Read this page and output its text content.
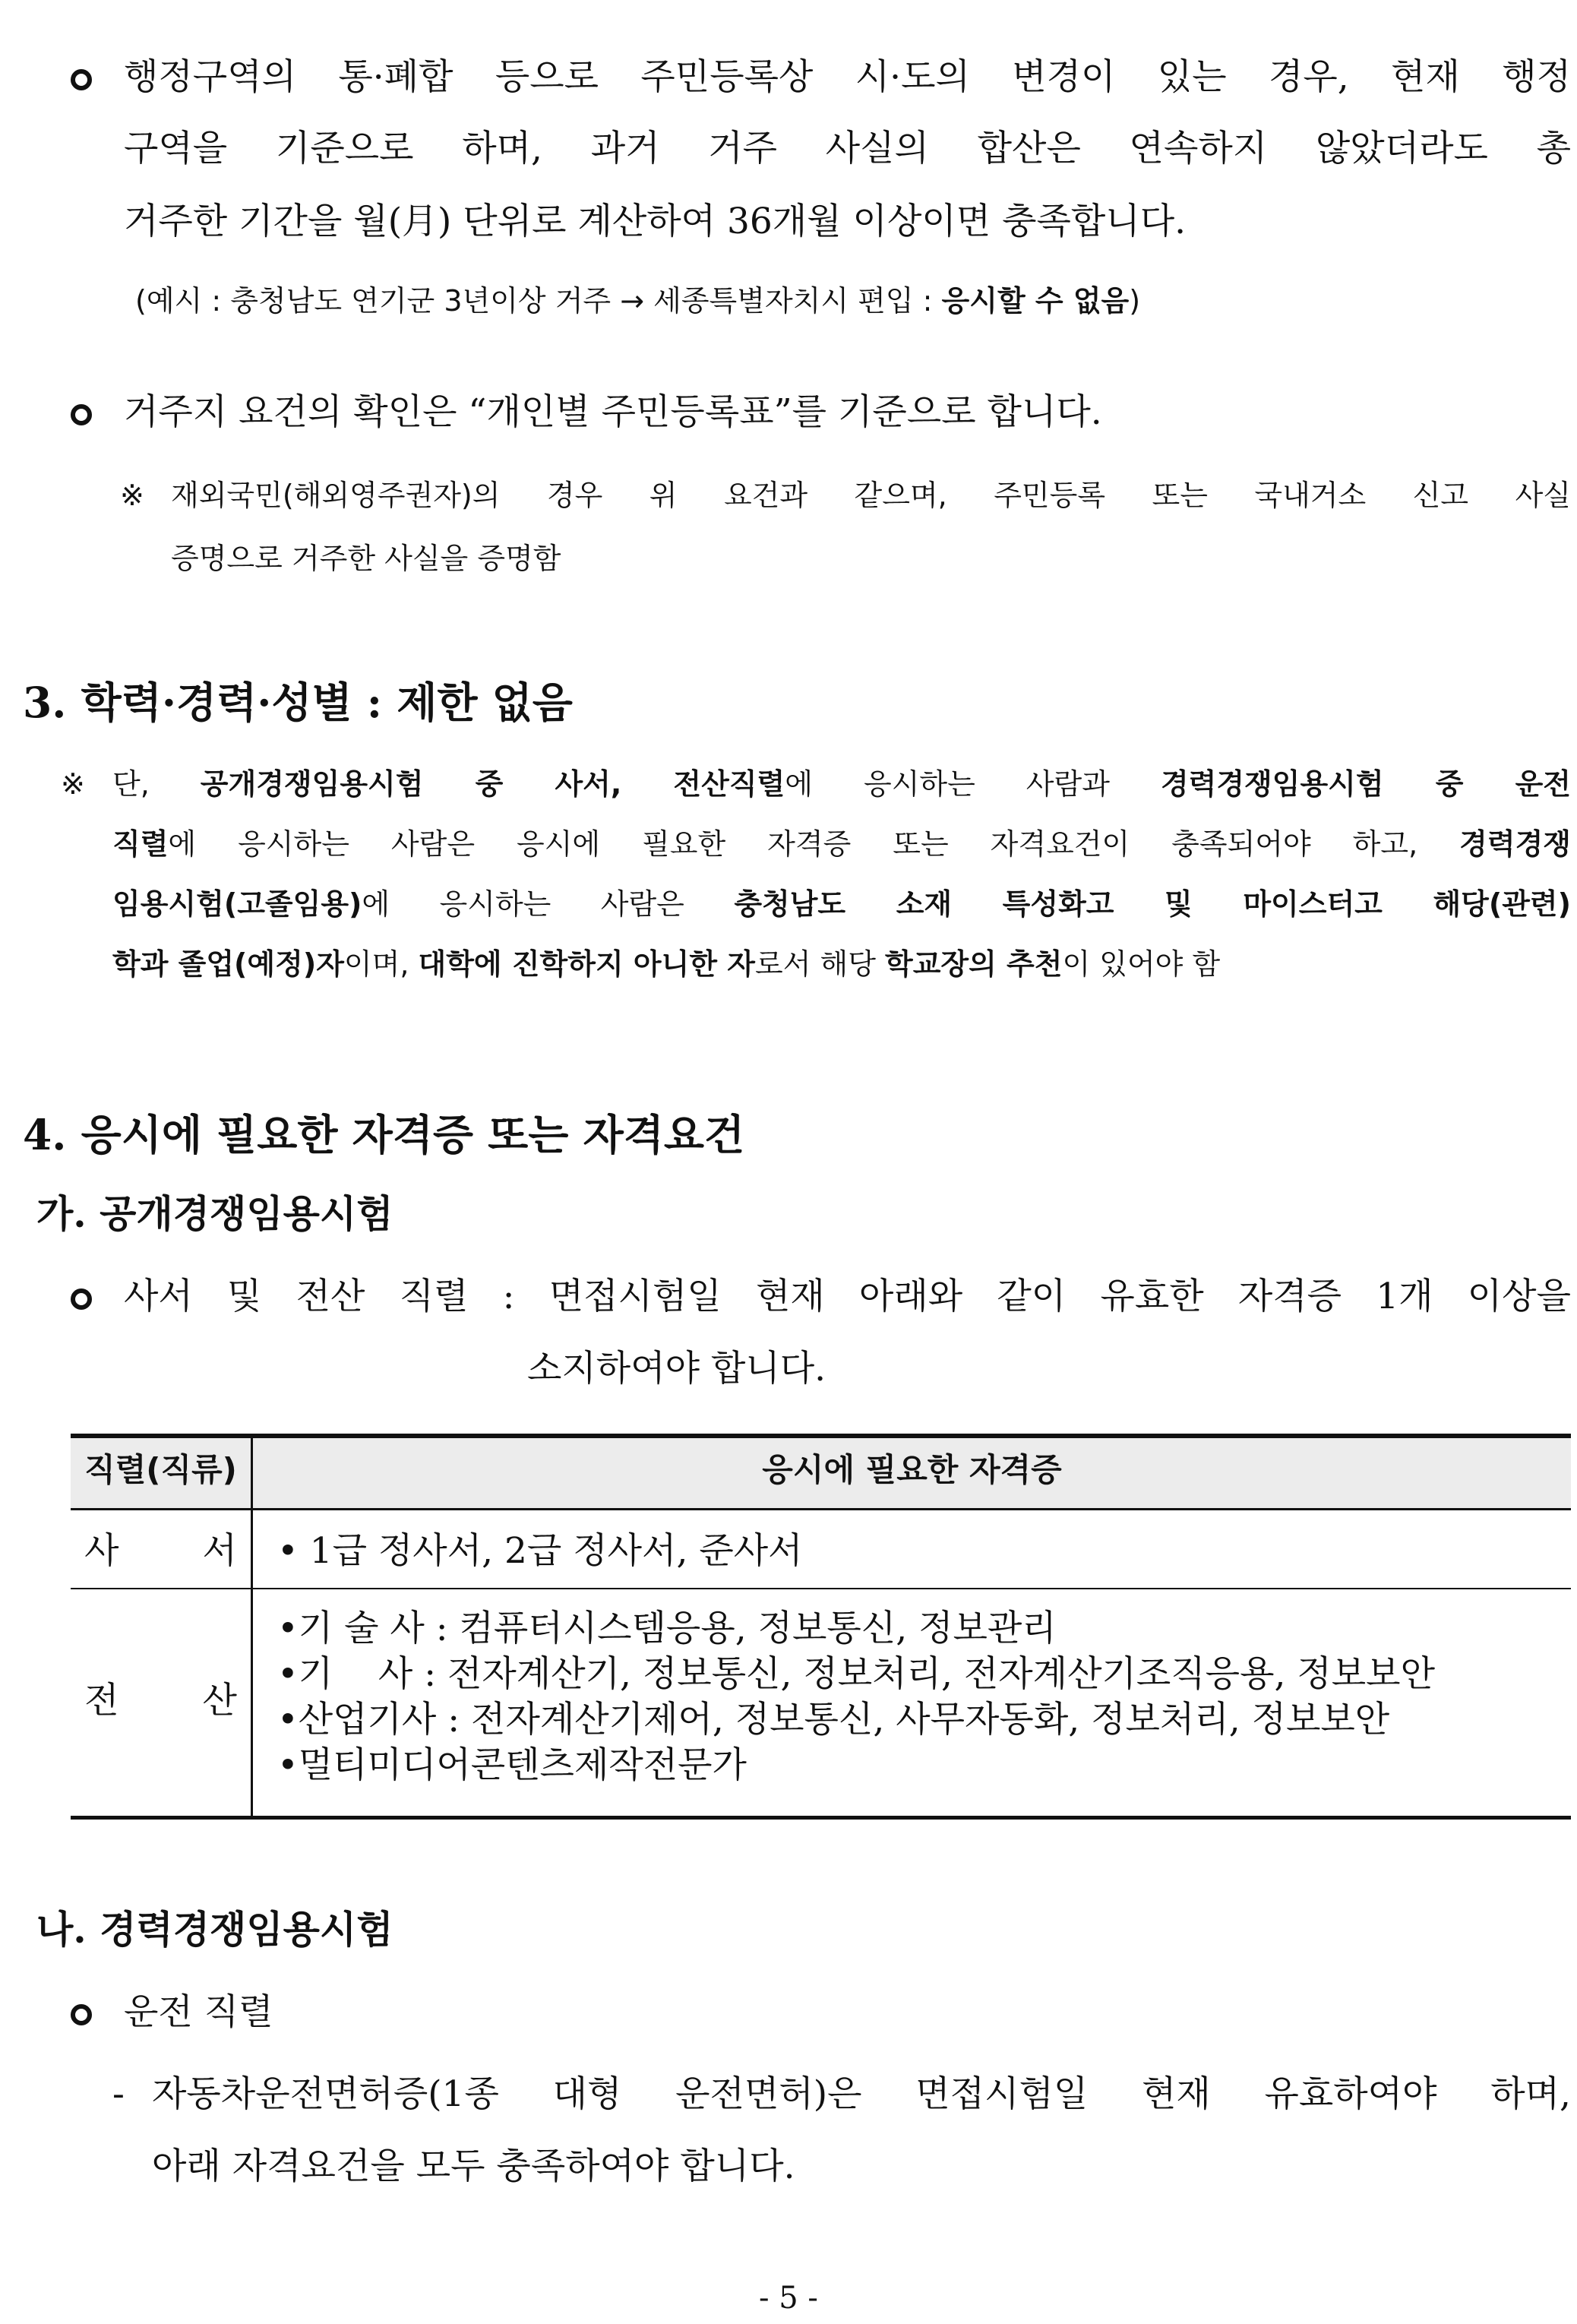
행정구역의 통·폐합 등으로 주민등록상 시·도의 변경이 있는 경우, 현재 행정
구역을 기준으로 하며, 과거 거주 사실의 합산은 연속하지 않았더라도 총
거주한 기간을 월(月) 단위로 계산하여 36개월 이상이면 충족합니다.
(예시 : 충청남도 연기군 3년이상 거주 → 세종특별자치시 편입 : 응시할 수 없음)
거주지 요건의 확인은 “개인별 주민등록표”를 기준으로 합니다.
※ 재외국민(해외영주권자)의 경우 위 요건과 같으며, 주민등록 또는 국내거소 신고 사실
증명으로 거주한 사실을 증명함
3. 학력·경력·성별 : 제한 없음
※ 단, 공개경쟁임용시험 중 사서, 전산직렬에 응시하는 사람과 경력경쟁임용시험 중 운전
직렬에 응시하는 사람은 응시에 필요한 자격증 또는 자격요건이 충족되어야 하고, 경력경쟁
임용시험(고졸임용)에 응시하는 사람은 충청남도 소재 특성화고 및 마이스터고 해당(관련)
학과 졸업(예정)자이며, 대학에 진학하지 아니한 자로서 해당 학교장의 추천이 있어야 함
4. 응시에 필요한 자격증 또는 자격요건
가. 공개경쟁임용시험
사서 및 전산 직렬 : 면접시험일 현재 아래와 같이 유효한 자격증 1개 이상을
소지하여야 합니다.
직렬(직류)	응시에 필요한 자격증
사  서	• 1급 정사서, 2급 정사서, 준사서
전  산
•기 술 사 : 컴퓨터시스템응용, 정보통신, 정보관리
•기    사 : 전자계산기, 정보통신, 정보처리, 전자계산기조직응용, 정보보안
•산업기사 : 전자계산기제어, 정보통신, 사무자동화, 정보처리, 정보보안
•멀티미디어콘텐츠제작전문가
나. 경력경쟁임용시험
운전 직렬
- 자동차운전면허증(1종 대형 운전면허)은 면접시험일 현재 유효하여야 하며,
아래 자격요건을 모두 충족하여야 합니다.
- 5 -
